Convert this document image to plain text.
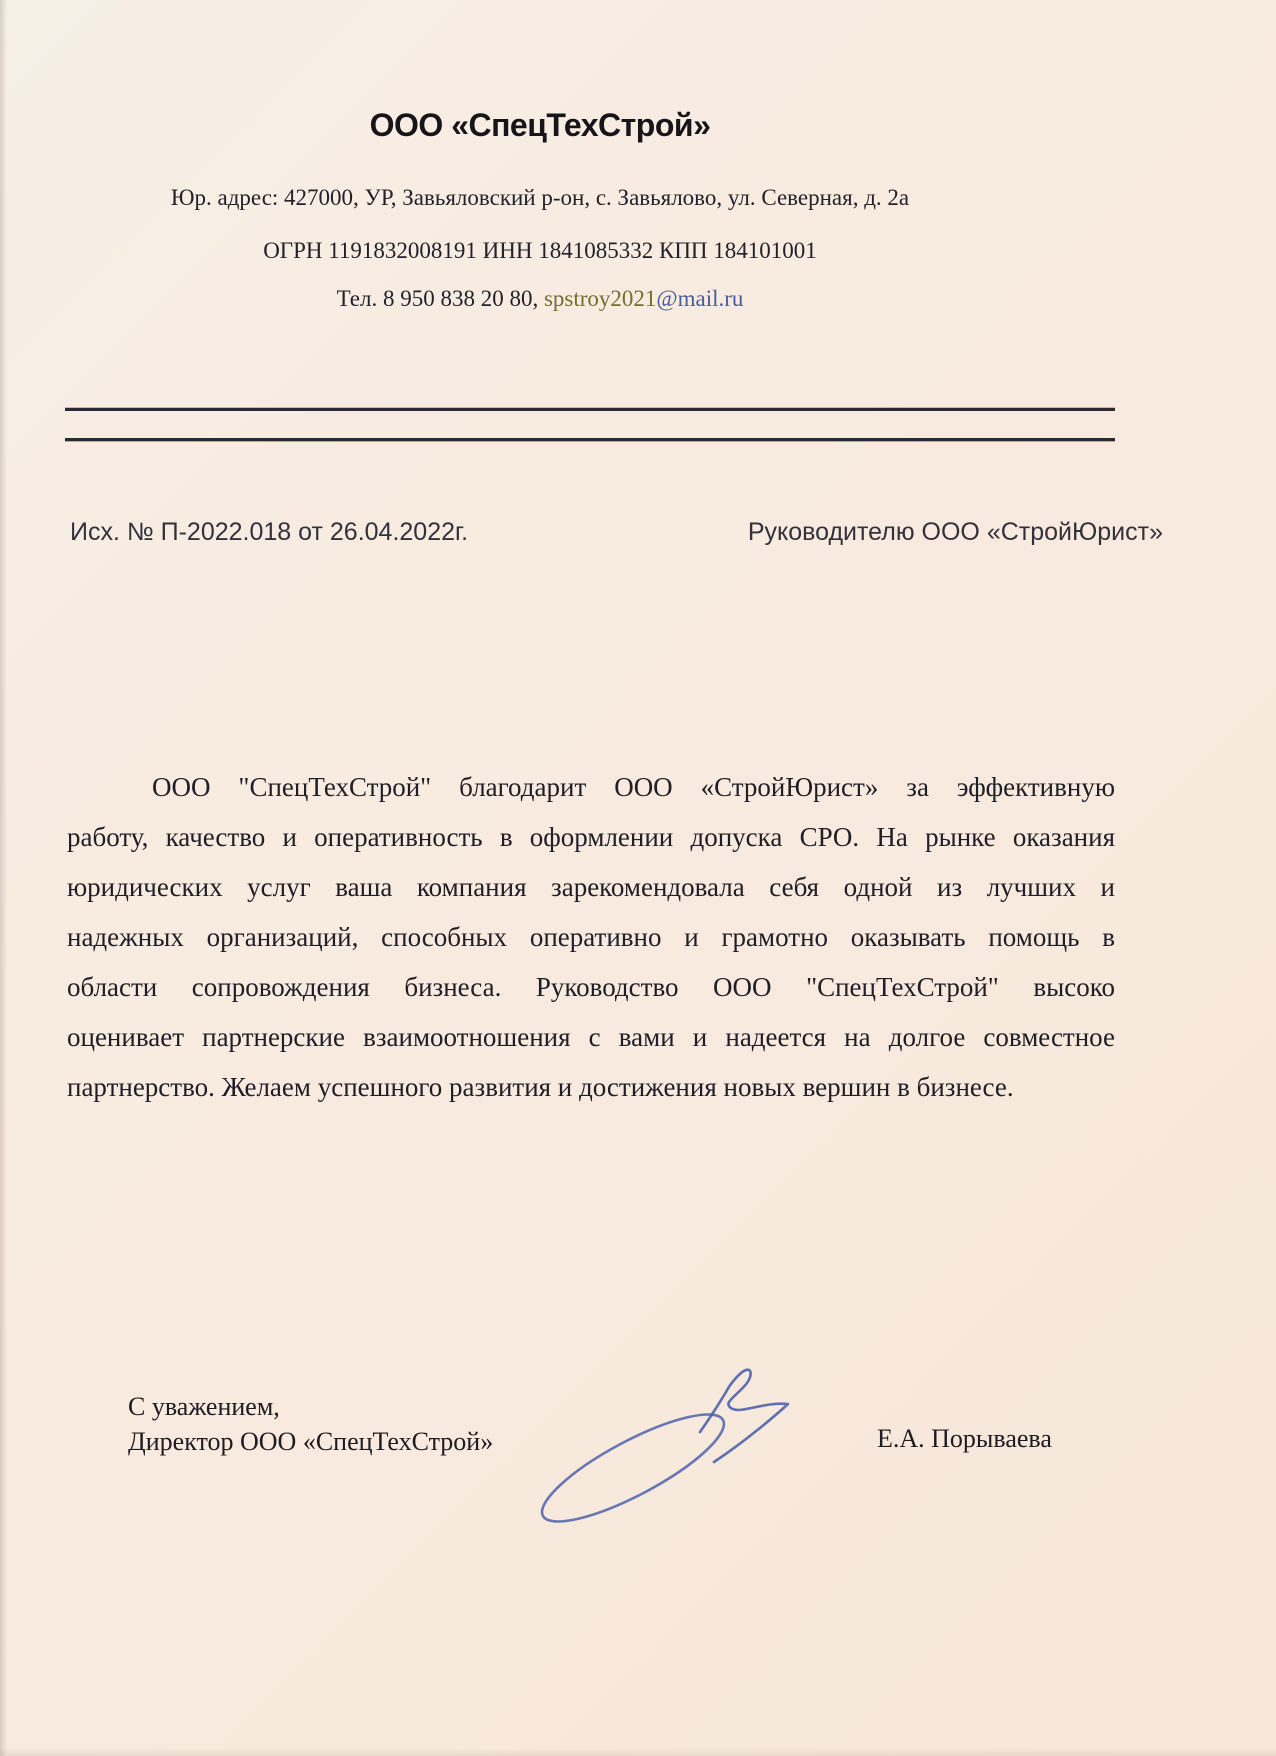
ООО «СпецТехСтрой»
Юр. адрес: 427000, УР, Завьяловский р-он, с. Завьялово, ул. Северная, д. 2а
ОГРН 1191832008191 ИНН 1841085332 КПП 184101001
Тел. 8 950 838 20 80, spstroy2021@mail.ru
Исх. № П-2022.018 от 26.04.2022г.	Руководителю ООО «СтройЮрист»
ООО "СпецТехСтрой" благодарит ООО «СтройЮрист» за эффективную
работу, качество и оперативность в оформлении допуска СРО. На рынке оказания
юридических услуг ваша компания зарекомендовала себя одной из лучших и
надежных организаций, способных оперативно и грамотно оказывать помощь в
области сопровождения бизнеса. Руководство ООО "СпецТехСтрой" высоко
оценивает партнерские взаимоотношения с вами и надеется на долгое совместное
партнерство. Желаем успешного развития и достижения новых вершин в бизнесе.
С уважением,
Директор ООО «СпецТехСтрой»	Е.А. Порываева
